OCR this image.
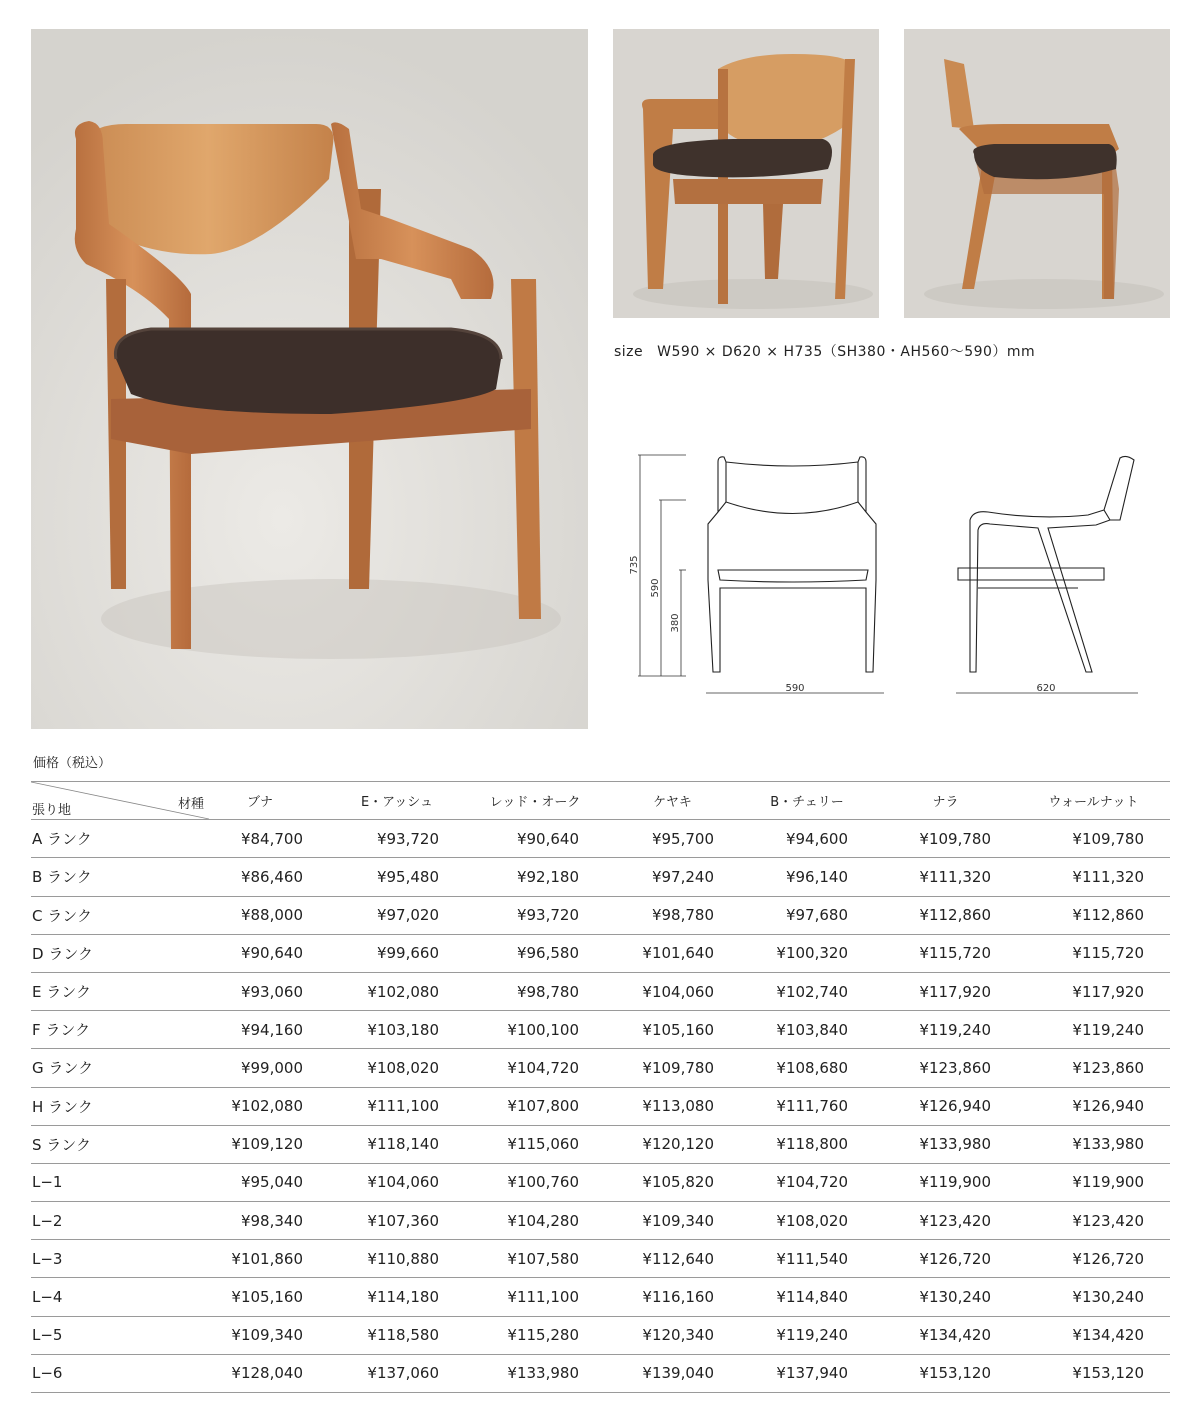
size W590 × D620 × H735（SH380・AH560～590）mm
735
590
380
590	620
価格（税込）
材種
張り地	ブナ	E・アッシュ	レッド・オーク	ケヤキ	B・チェリー	ナラ	ウォールナット
A ランク	¥84,700	¥93,720	¥90,640	¥95,700	¥94,600	¥109,780	¥109,780
B ランク	¥86,460	¥95,480	¥92,180	¥97,240	¥96,140	¥111,320	¥111,320
C ランク	¥88,000	¥97,020	¥93,720	¥98,780	¥97,680	¥112,860	¥112,860
D ランク	¥90,640	¥99,660	¥96,580	¥101,640	¥100,320	¥115,720	¥115,720
E ランク	¥93,060	¥102,080	¥98,780	¥104,060	¥102,740	¥117,920	¥117,920
F ランク	¥94,160	¥103,180	¥100,100	¥105,160	¥103,840	¥119,240	¥119,240
G ランク	¥99,000	¥108,020	¥104,720	¥109,780	¥108,680	¥123,860	¥123,860
H ランク	¥102,080	¥111,100	¥107,800	¥113,080	¥111,760	¥126,940	¥126,940
S ランク	¥109,120	¥118,140	¥115,060	¥120,120	¥118,800	¥133,980	¥133,980
L−1	¥95,040	¥104,060	¥100,760	¥105,820	¥104,720	¥119,900	¥119,900
L−2	¥98,340	¥107,360	¥104,280	¥109,340	¥108,020	¥123,420	¥123,420
L−3	¥101,860	¥110,880	¥107,580	¥112,640	¥111,540	¥126,720	¥126,720
L−4	¥105,160	¥114,180	¥111,100	¥116,160	¥114,840	¥130,240	¥130,240
L−5	¥109,340	¥118,580	¥115,280	¥120,340	¥119,240	¥134,420	¥134,420
L−6	¥128,040	¥137,060	¥133,980	¥139,040	¥137,940	¥153,120	¥153,120
